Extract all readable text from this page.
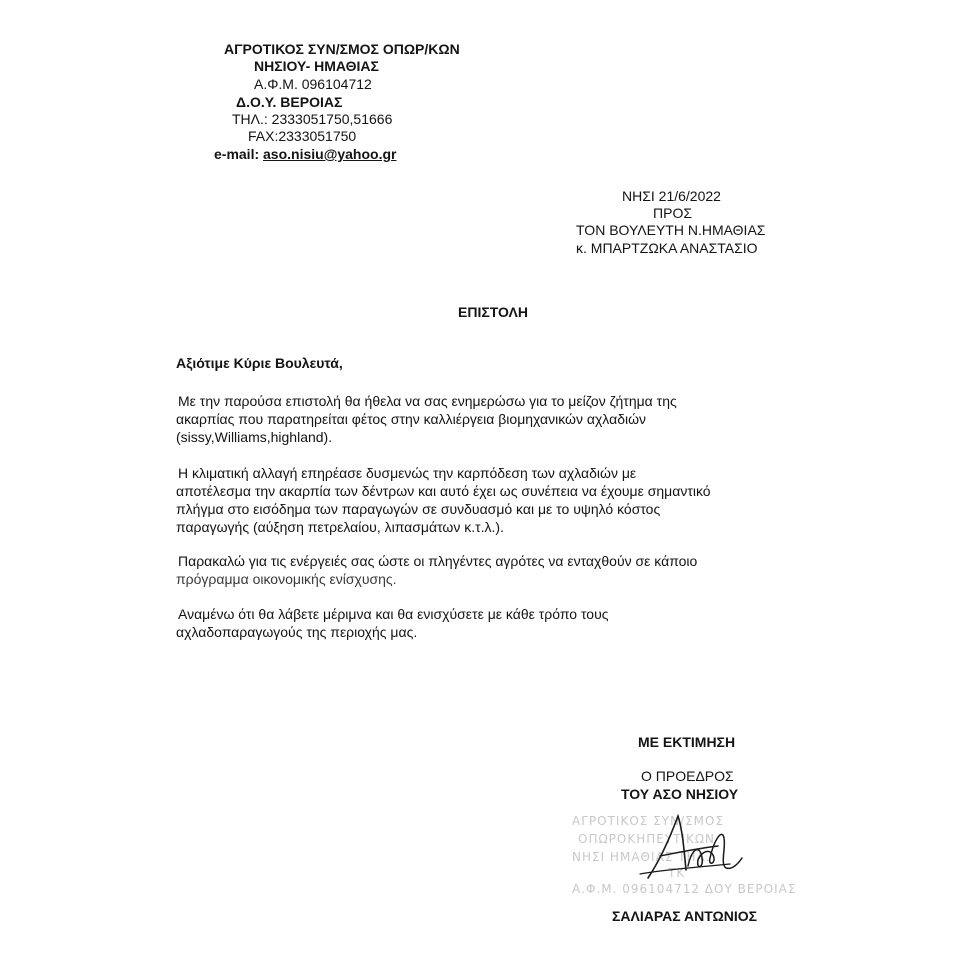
ΑΓΡΟΤΙΚΟΣ ΣΥΝ/ΣΜΟΣ ΟΠΩΡ/ΚΩΝ
ΝΗΣΙΟΥ- ΗΜΑΘΙΑΣ
Α.Φ.Μ. 096104712
Δ.Ο.Υ. ΒΕΡΟΙΑΣ
ΤΗΛ.: 2333051750,51666
FAX:2333051750
e-mail: aso.nisiu@yahoo.gr
ΝΗΣΙ 21/6/2022
ΠΡΟΣ
ΤΟΝ ΒΟΥΛΕΥΤΗ Ν.ΗΜΑΘΙΑΣ
κ. ΜΠΑΡΤΖΩΚΑ ΑΝΑΣΤΑΣΙΟ
ΕΠΙΣΤΟΛΗ
Αξιότιμε Κύριε Βουλευτά,
Με την παρούσα επιστολή θα ήθελα να σας ενημερώσω για το μείζον ζήτημα της
ακαρπίας που παρατηρείται φέτος στην καλλιέργεια βιομηχανικών αχλαδιών
(sissy,Williams,highland).
Η κλιματική αλλαγή επηρέασε δυσμενώς την καρπόδεση των αχλαδιών με
αποτέλεσμα την ακαρπία των δέντρων και αυτό έχει ως συνέπεια να έχουμε σημαντικό
πλήγμα στο εισόδημα των παραγωγών σε συνδυασμό και με το υψηλό κόστος
παραγωγής (αύξηση πετρελαίου, λιπασμάτων κ.τ.λ.).
Παρακαλώ για τις ενέργειές σας ώστε οι πληγέντες αγρότες να ενταχθούν σε κάποιο
πρόγραμμα οικονομικής ενίσχυσης.
Αναμένω ότι θα λάβετε μέριμνα και θα ενισχύσετε με κάθε τρόπο τους
αχλαδοπαραγωγούς της περιοχής μας.
ΜΕ ΕΚΤΙΜΗΣΗ
Ο ΠΡΟΕΔΡΟΣ
ΤΟΥ ΑΣΟ ΝΗΣΙΟΥ
ΑΓΡΟΤΙΚΟΣ ΣΥΝ/ΣΜΟΣ
ΟΠΩΡΟΚΗΠΕΥΤΙΚΩΝ
ΝΗΣΙ ΗΜΑΘΙΑΣ ΤΗΛ.
ΤΚ
Α.Φ.Μ. 096104712 ΔΟΥ ΒΕΡΟΙΑΣ
ΣΑΛΙΑΡΑΣ ΑΝΤΩΝΙΟΣ
